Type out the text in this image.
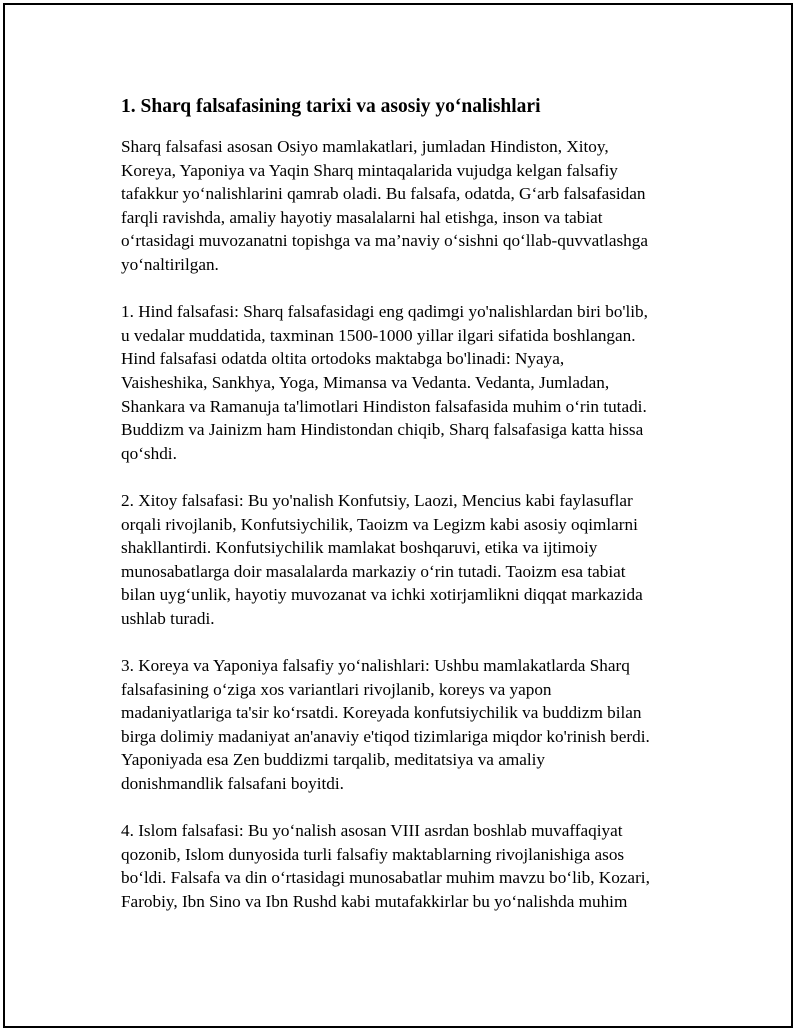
1. Sharq falsafasining tarixi va asosiy yo‘nalishlari

Sharq falsafasi asosan Osiyo mamlakatlari, jumladan Hindiston, Xitoy,
Koreya, Yaponiya va Yaqin Sharq mintaqalarida vujudga kelgan falsafiy
tafakkur yo‘nalishlarini qamrab oladi. Bu falsafa, odatda, G‘arb falsafasidan
farqli ravishda, amaliy hayotiy masalalarni hal etishga, inson va tabiat
o‘rtasidagi muvozanatni topishga va ma’naviy o‘sishni qo‘llab-quvvatlashga
yo‘naltirilgan.

1. Hind falsafasi: Sharq falsafasidagi eng qadimgi yo'nalishlardan biri bo'lib,
u vedalar muddatida, taxminan 1500-1000 yillar ilgari sifatida boshlangan.
Hind falsafasi odatda oltita ortodoks maktabga bo'linadi: Nyaya,
Vaisheshika, Sankhya, Yoga, Mimansa va Vedanta. Vedanta, Jumladan,
Shankara va Ramanuja ta'limotlari Hindiston falsafasida muhim o‘rin tutadi.
Buddizm va Jainizm ham Hindistondan chiqib, Sharq falsafasiga katta hissa
qo‘shdi.

2. Xitoy falsafasi: Bu yo'nalish Konfutsiy, Laozi, Mencius kabi faylasuflar
orqali rivojlanib, Konfutsiychilik, Taoizm va Legizm kabi asosiy oqimlarni
shakllantirdi. Konfutsiychilik mamlakat boshqaruvi, etika va ijtimoiy
munosabatlarga doir masalalarda markaziy o‘rin tutadi. Taoizm esa tabiat
bilan uyg‘unlik, hayotiy muvozanat va ichki xotirjamlikni diqqat markazida
ushlab turadi.

3. Koreya va Yaponiya falsafiy yo‘nalishlari: Ushbu mamlakatlarda Sharq
falsafasining o‘ziga xos variantlari rivojlanib, koreys va yapon
madaniyatlariga ta'sir ko‘rsatdi. Koreyada konfutsiychilik va buddizm bilan
birga dolimiy madaniyat an'anaviy e'tiqod tizimlariga miqdor ko'rinish berdi.
Yaponiyada esa Zen buddizmi tarqalib, meditatsiya va amaliy
donishmandlik falsafani boyitdi.

4. Islom falsafasi: Bu yo‘nalish asosan VIII asrdan boshlab muvaffaqiyat
qozonib, Islom dunyosida turli falsafiy maktablarning rivojlanishiga asos
bo‘ldi. Falsafa va din o‘rtasidagi munosabatlar muhim mavzu bo‘lib, Kozari,
Farobiy, Ibn Sino va Ibn Rushd kabi mutafakkirlar bu yo‘nalishda muhim
